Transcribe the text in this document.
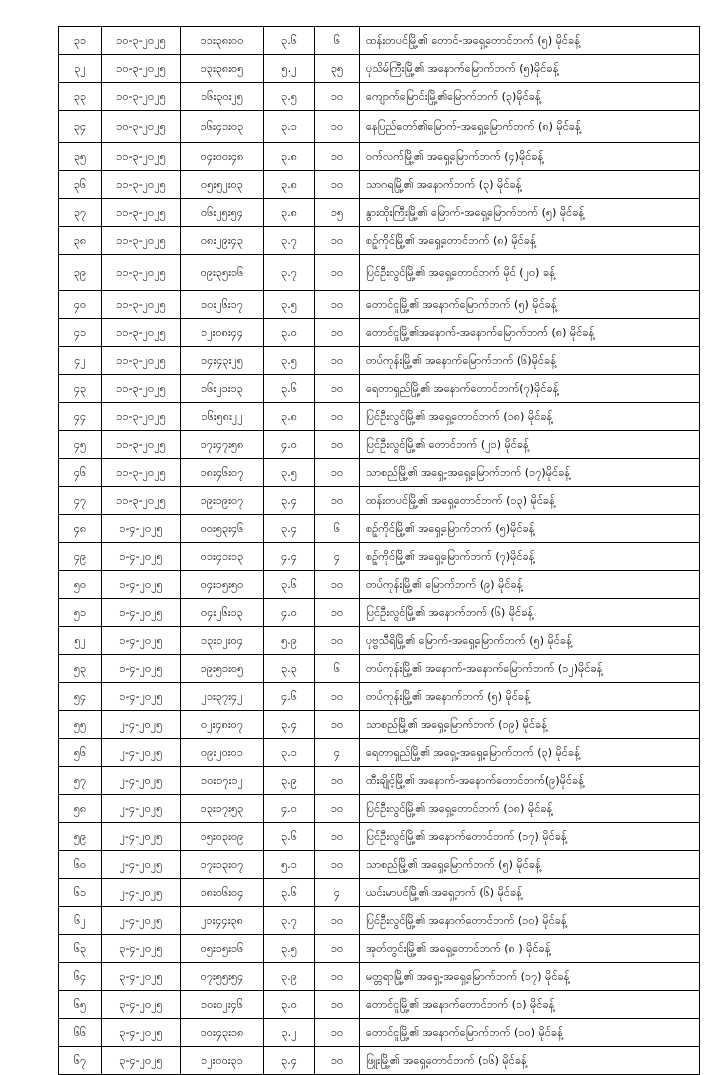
၃၁	၁၀-၃-၂၀၂၅	၁၁း၃၈း၀၀	၃.၆	၆	ထန်းတပင်မြို့၏ တောင်-အရှေ့တောင်ဘက် (၅) မိုင်ခန့်
၃၂	၁၀-၃-၂၀၂၅	၁၃း၃၈း၀၅	၅.၂	၃၅	ပုသိမ်ကြီးမြို့၏ အနောက်မြောက်ဘက် (၅)မိုင်ခန့်
၃၃	၁၀-၃-၂၀၂၅	၁၆း၃၀း၂၅	၃.၅	၁၀	ကျောက်မြောင်းမြို့၏မြောက်ဘက် (၃)မိုင်ခန့်
၃၄	၁၀-၃-၂၀၂၅	၁၆း၄၁း၀၃	၃.၁	၁၀	နေပြည်တော်၏မြောက်-အရှေ့မြောက်ဘက် (၈) မိုင်ခန့်
၃၅	၁၁-၃-၂၀၂၅	၀၄း၀၀း၄၈	၃.၈	၁၀	ဝက်လက်မြို့၏ အရှေ့မြောက်ဘက် (၄)မိုင်ခန့်
၃၆	၁၁-၃-၂၀၂၅	၀၅း၅၂း၀၃	၃.၈	၁၀	သာဂရမြို့၏ အနောက်ဘက် (၃) မိုင်ခန့်
၃၇	၁၁-၃-၂၀၂၅	၀၆း၂၅း၅၄	၃.၈	၁၅	နွားထိုးကြီးမြို့၏ မြောက်-အရှေ့မြောက်ဘက် (၅) မိုင်ခန့်
၃၈	၁၁-၃-၂၀၂၅	၀၈း၂၉း၄၃	၃.၇	၁၀	စဉ့်ကိုင်မြို့၏ အရှေ့တောင်ဘက် (၈) မိုင်ခန့်
၃၉	၁၁-၃-၂၀၂၅	၀၉း၃၅း၁၆	၃.၇	၁၀	ပြင်ဦးလွင်မြို့၏ အရှေ့တောင်ဘက် မိုင် (၂၀) ခန့်
၄၀	၁၁-၃-၂၀၂၅	၁၀း၂၆း၁၇	၃.၅	၁၀	တောင်ငူမြို့၏ အနောက်မြောက်ဘက် (၅) မိုင်ခန့်
၄၁	၁၁-၃-၂၀၂၅	၁၂း၀၈း၄၄	၃.၀	၁၀	တောင်ငူမြို့၏အနောက်-အနောက်မြောက်ဘက် (၈) မိုင်ခန့်
၄၂	၁၁-၃-၂၀၂၅	၁၄း၄၃း၂၅	၃.၅	၁၀	တပ်ကုန်းမြို့၏ အနောက်မြောက်ဘက် (၆)မိုင်ခန့်
၄၃	၁၁-၃-၂၀၂၅	၁၆း၂၁း၁၃	၃.၆	၁၀	ရေတာရှည်မြို့၏ အနောက်တောင်ဘက်(၇)မိုင်ခန့်
၄၄	၁၁-၃-၂၀၂၅	၁၆း၅၈း၂၂	၃.၈	၁၀	ပြင်ဦးလွင်မြို့၏ အရှေ့တောင်ဘက် (၁၈) မိုင်ခန့်
၄၅	၁၁-၃-၂၀၂၅	၁၇း၄၇း၅၈	၄.၀	၁၀	ပြင်ဦးလွင်မြို့၏ တောင်ဘက် (၂၁) မိုင်ခန့်
၄၆	၁၁-၃-၂၀၂၅	၁၈း၄၆း၀၇	၃.၅	၁၀	သာစည်မြို့၏ အရှေ့-အရှေ့မြောက်ဘက် (၁၇)မိုင်ခန့်
၄၇	၁၁-၃-၂၀၂၅	၁၉း၁၉း၀၇	၃.၄	၁၀	ထန်းတပင်မြို့၏ အရှေ့တောင်ဘက် (၁၃) မိုင်ခန့်
၄၈	၁-၄-၂၀၂၅	၀၀း၅၃း၄၆	၃.၄	၆	စဉ့်ကိုင်မြို့၏ အရှေ့မြောက်ဘက် (၅)မိုင်ခန့်
၄၉	၁-၄-၂၀၂၅	၀၁း၄၁း၁၃	၄.၄	၄	စဉ့်ကိုင်မြို့၏ အရှေ့မြောက်ဘက် (၇)မိုင်ခန့်
၅၀	၁-၄-၂၀၂၅	၀၄း၁၅း၅၀	၃.၆	၁၀	တပ်ကုန်းမြို့၏ မြောက်ဘက် (၉) မိုင်ခန့်
၅၁	၁-၄-၂၀၂၅	၀၄း၂၆း၁၃	၄.၀	၁၀	ပြင်ဦးလွင်မြို့၏ အနောက်ဘက် (၆) မိုင်ခန့်
၅၂	၁-၄-၂၀၂၅	၁၃း၁၂း၀၄	၅.၉	၁၀	ပုဗ္ဗသီရိမြို့၏ မြောက်-အရှေ့မြောက်ဘက် (၅) မိုင်ခန့်
၅၃	၁-၄-၂၀၂၅	၁၉း၅၁း၀၅	၃.၃	၆	တပ်ကုန်းမြို့၏ အနောက်-အနောက်မြောက်ဘက် (၁၂)မိုင်ခန့်
၅၄	၁-၄-၂၀၂၅	၂၁း၃၇း၄၂	၄.၆	၁၀	တပ်ကုန်းမြို့၏ အနောက်ဘက် (၅) မိုင်ခန့်
၅၅	၂-၄-၂၀၂၅	၀၂း၄၈း၀၇	၃.၄	၁၀	သာစည်မြို့၏ အရှေ့မြောက်ဘက် (၁၉) မိုင်ခန့်
၅၆	၂-၄-၂၀၂၅	၀၉း၂၀း၀၁	၃.၁	၄	ရေတာရှည်မြို့၏ အရှေ့-အရှေ့မြောက်ဘက် (၃) မိုင်ခန့်
၅၇	၂-၄-၂၀၂၅	၁၀း၁၇း၁၂	၃.၉	၁၀	ထီးချိုင့်မြို့၏ အနောက်-အနောက်တောင်ဘက်(၉)မိုင်ခန့်
၅၈	၂-၄-၂၀၂၅	၁၃း၁၇း၅၃	၄.၀	၁၀	ပြင်ဦးလွင်မြို့၏ အရှေ့တောင်ဘက် (၁၈) မိုင်ခန့်
၅၉	၂-၄-၂၀၂၅	၁၅း၀၃း၀၉	၃.၆	၁၀	ပြင်ဦးလွင်မြို့၏ အနောက်တောင်ဘက် (၁၇) မိုင်ခန့်
၆၀	၂-၄-၂၀၂၅	၁၇း၁၃း၀၇	၅.၁	၁၀	သာစည်မြို့၏ အရှေ့မြောက်ဘက် (၅) မိုင်ခန့်
၆၁	၂-၄-၂၀၂၅	၁၈း၀၆း၀၄	၃.၆	၄	ယင်းမာပင်မြို့၏ အရှေ့ဘက် (၆) မိုင်ခန့်
၆၂	၂-၄-၂၀၂၅	၂၁း၄၄း၃၈	၃.၇	၁၀	ပြင်ဦးလွင်မြို့၏ အနောက်တောင်ဘက် (၁၀) မိုင်ခန့်
၆၃	၃-၄-၂၀၂၅	၀၅း၁၅း၁၆	၃.၅	၁၀	အုတ်တွင်းမြို့၏ အရှေ့တောင်ဘက် (၈ ) မိုင်ခန့်
၆၄	၃-၄-၂၀၂၅	၀၇း၅၅း၅၄	၃.၉	၁၀	မတ္တရာမြို့၏ အရှေ့-အရှေ့မြောက်ဘက် (၁၇) မိုင်ခန့်
၆၅	၃-၄-၂၀၂၅	၁၀း၀၂း၄၆	၃.၀	၁၀	တောင်ငူမြို့၏ အနောက်တောင်ဘက် (၁) မိုင်ခန့်
၆၆	၃-၄-၂၀၂၅	၁၀း၄၃း၁၈	၃.၂	၁၀	တောင်ငူမြို့၏ အနောက်မြောက်ဘက် (၁၀) မိုင်ခန့်
၆၇	၃-၄-၂၀၂၅	၁၂း၀၀း၃၁	၃.၄	၁၀	ဖြူးမြို့၏ အရှေ့တောင်ဘက် (၁၆) မိုင်ခန့်
